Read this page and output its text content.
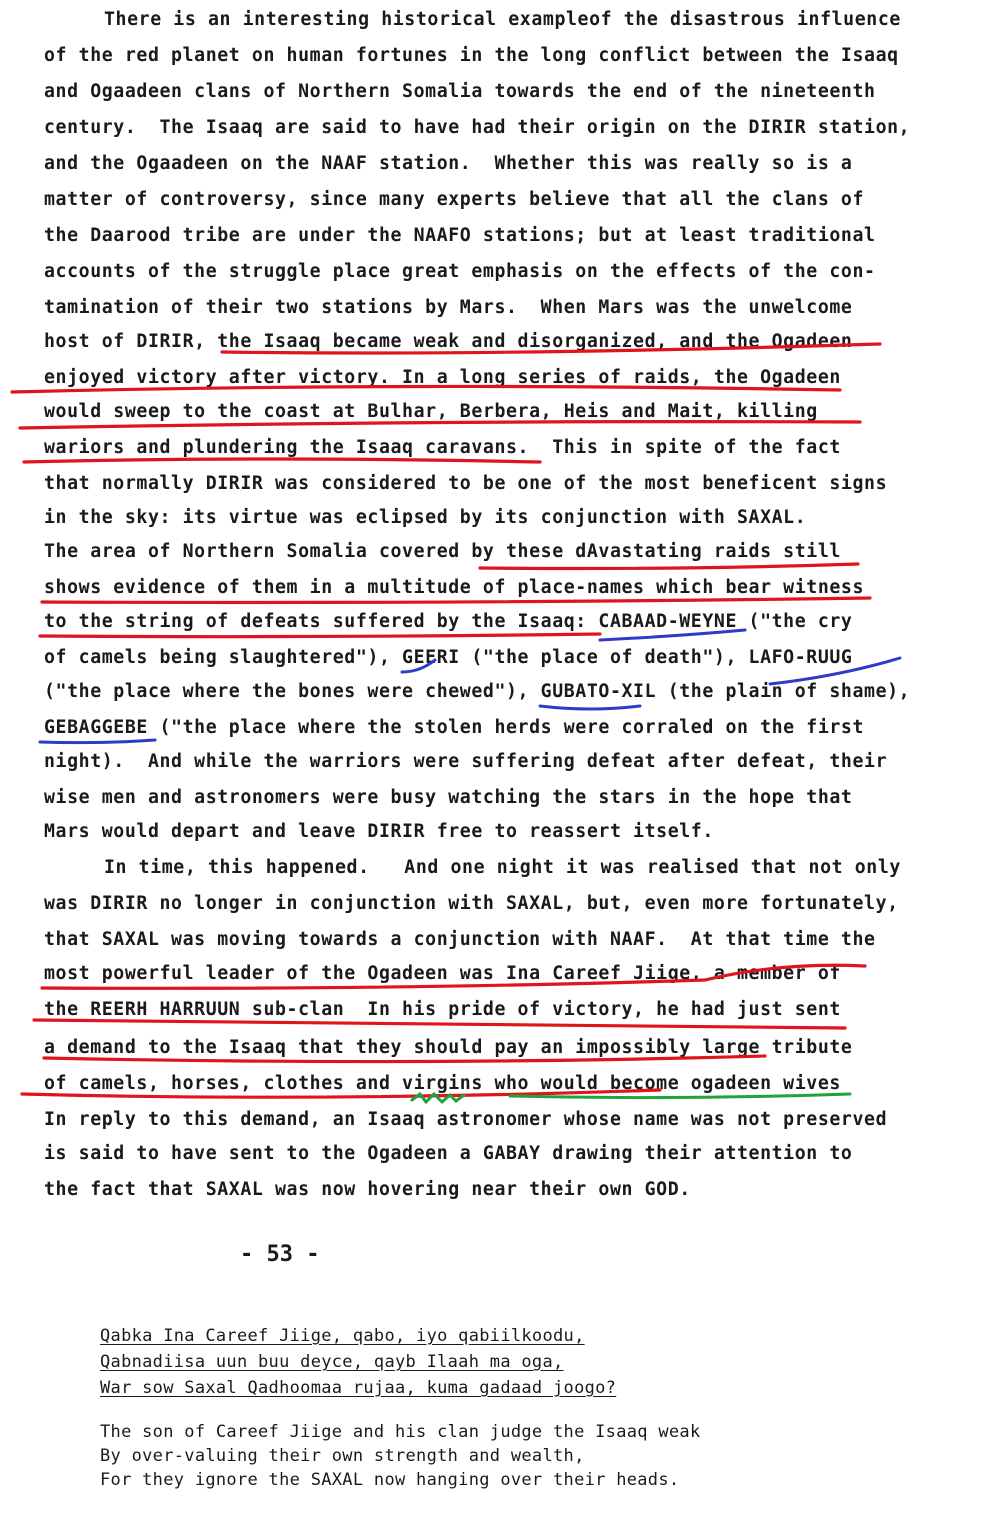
There is an interesting historical exampleof the disastrous influence
of the red planet on human fortunes in the long conflict between the Isaaq
and Ogaadeen clans of Northern Somalia towards the end of the nineteenth
century.  The Isaaq are said to have had their origin on the DIRIR station,
and the Ogaadeen on the NAAF station.  Whether this was really so is a
matter of controversy, since many experts believe that all the clans of
the Daarood tribe are under the NAAFO stations; but at least traditional
accounts of the struggle place great emphasis on the effects of the con-
tamination of their two stations by Mars.  When Mars was the unwelcome
host of DIRIR, the Isaaq became weak and disorganized, and the Ogadeen
enjoyed victory after victory. In a long series of raids, the Ogadeen
would sweep to the coast at Bulhar, Berbera, Heis and Mait, killing
wariors and plundering the Isaaq caravans.  This in spite of the fact
that normally DIRIR was considered to be one of the most beneficent signs
in the sky: its virtue was eclipsed by its conjunction with SAXAL.
The area of Northern Somalia covered by these dAvastating raids still
shows evidence of them in a multitude of place-names which bear witness
to the string of defeats suffered by the Isaaq: CABAAD-WEYNE ("the cry
of camels being slaughtered"), GEERI ("the place of death"), LAFO-RUUG
("the place where the bones were chewed"), GUBATO-XIL (the plain of shame),
GEBAGGEBE ("the place where the stolen herds were corraled on the first
night).  And while the warriors were suffering defeat after defeat, their
wise men and astronomers were busy watching the stars in the hope that
Mars would depart and leave DIRIR free to reassert itself.
In time, this happened.   And one night it was realised that not only
was DIRIR no longer in conjunction with SAXAL, but, even more fortunately,
that SAXAL was moving towards a conjunction with NAAF.  At that time the
most powerful leader of the Ogadeen was Ina Careef Jiige, a member of
the REERH HARRUUN sub-clan  In his pride of victory, he had just sent
a demand to the Isaaq that they should pay an impossibly large tribute
of camels, horses, clothes and virgins who would become ogadeen wives
In reply to this demand, an Isaaq astronomer whose name was not preserved
is said to have sent to the Ogadeen a GABAY drawing their attention to
the fact that SAXAL was now hovering near their own GOD.
- 53 -
Qabka Ina Careef Jiige, qabo, iyo qabiilkoodu,
Qabnadiisa uun buu deyce, qayb Ilaah ma oga,
War sow Saxal Qadhoomaa rujaa, kuma gadaad joogo?
The son of Careef Jiige and his clan judge the Isaaq weak
By over-valuing their own strength and wealth,
For they ignore the SAXAL now hanging over their heads.
